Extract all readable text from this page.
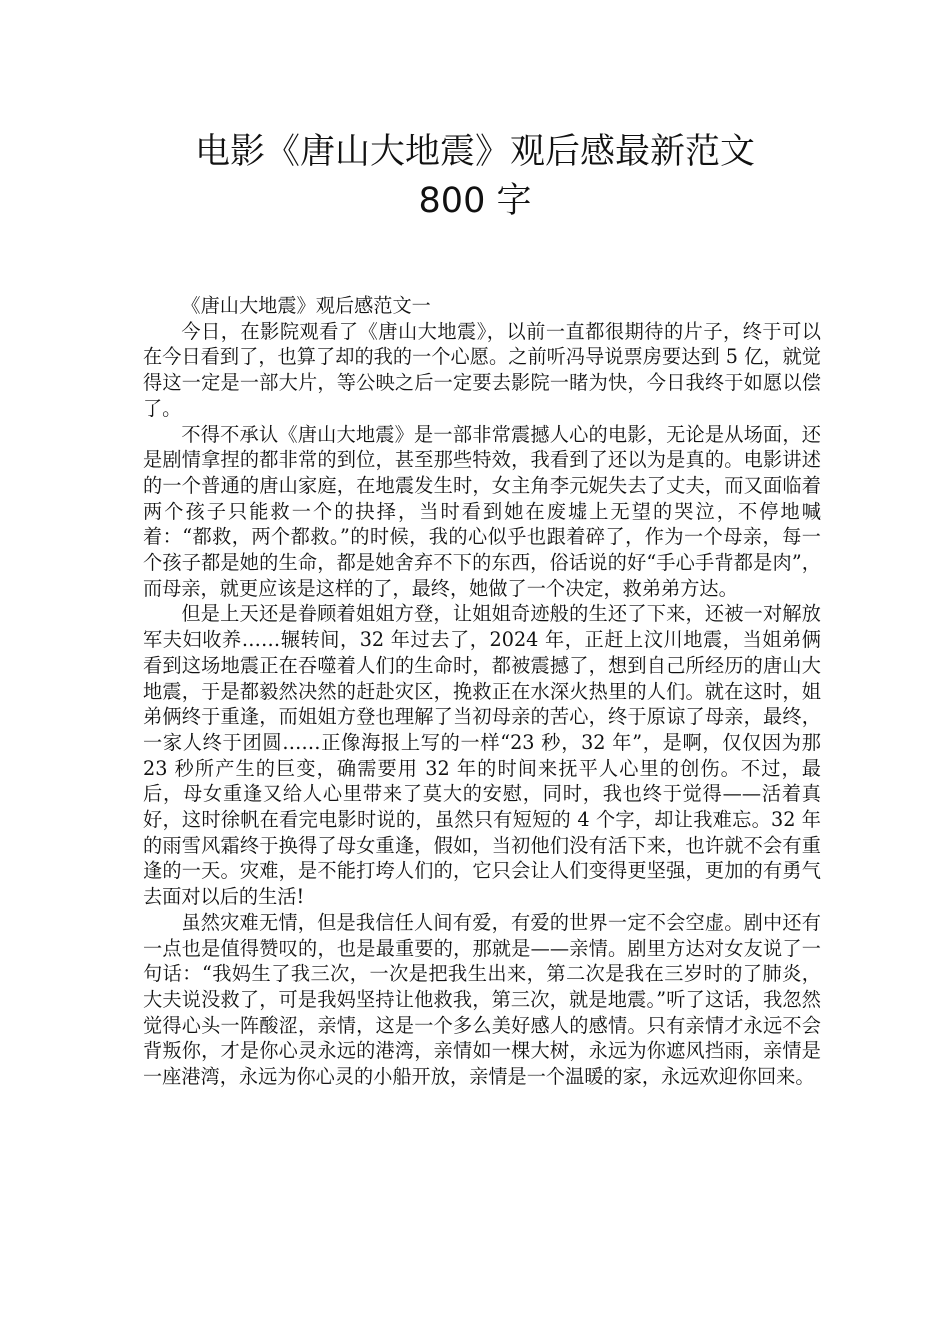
电影《唐山大地震》观后感最新范文
800 字

《唐山大地震》观后感范文一

今日，在影院观看了《唐山大地震》，以前一直都很期待的片子，终于可以在今日看到了，也算了却的我的一个心愿。之前听冯导说票房要达到 5 亿，就觉得这一定是一部大片，等公映之后一定要去影院一睹为快，今日我终于如愿以偿了。

不得不承认《唐山大地震》是一部非常震撼人心的电影，无论是从场面，还是剧情拿捏的都非常的到位，甚至那些特效，我看到了还以为是真的。电影讲述的一个普通的唐山家庭，在地震发生时，女主角李元妮失去了丈夫，而又面临着两个孩子只能救一个的抉择，当时看到她在废墟上无望的哭泣，不停地喊着：“都救，两个都救。”的时候，我的心似乎也跟着碎了，作为一个母亲，每一个孩子都是她的生命，都是她舍弃不下的东西，俗话说的好“手心手背都是肉”，而母亲，就更应该是这样的了，最终，她做了一个决定，救弟弟方达。

但是上天还是眷顾着姐姐方登，让姐姐奇迹般的生还了下来，还被一对解放军夫妇收养……辗转间，32 年过去了，2024 年，正赶上汶川地震，当姐弟俩看到这场地震正在吞噬着人们的生命时，都被震撼了，想到自己所经历的唐山大地震，于是都毅然决然的赶赴灾区，挽救正在水深火热里的人们。就在这时，姐弟俩终于重逢，而姐姐方登也理解了当初母亲的苦心，终于原谅了母亲，最终，一家人终于团圆……正像海报上写的一样“23 秒，32 年”，是啊，仅仅因为那 23 秒所产生的巨变，确需要用 32 年的时间来抚平人心里的创伤。不过，最后，母女重逢又给人心里带来了莫大的安慰，同时，我也终于觉得——活着真好，这时徐帆在看完电影时说的，虽然只有短短的 4 个字，却让我难忘。32 年的雨雪风霜终于换得了母女重逢，假如，当初他们没有活下来，也许就不会有重逢的一天。灾难，是不能打垮人们的，它只会让人们变得更坚强，更加的有勇气去面对以后的生活!

虽然灾难无情，但是我信任人间有爱，有爱的世界一定不会空虚。剧中还有一点也是值得赞叹的，也是最重要的，那就是——亲情。剧里方达对女友说了一句话：“我妈生了我三次，一次是把我生出来，第二次是我在三岁时的了肺炎，大夫说没救了，可是我妈坚持让他救我，第三次，就是地震。”听了这话，我忽然觉得心头一阵酸涩，亲情，这是一个多么美好感人的感情。只有亲情才永远不会背叛你，才是你心灵永远的港湾，亲情如一棵大树，永远为你遮风挡雨，亲情是一座港湾，永远为你心灵的小船开放，亲情是一个温暖的家，永远欢迎你回来。
